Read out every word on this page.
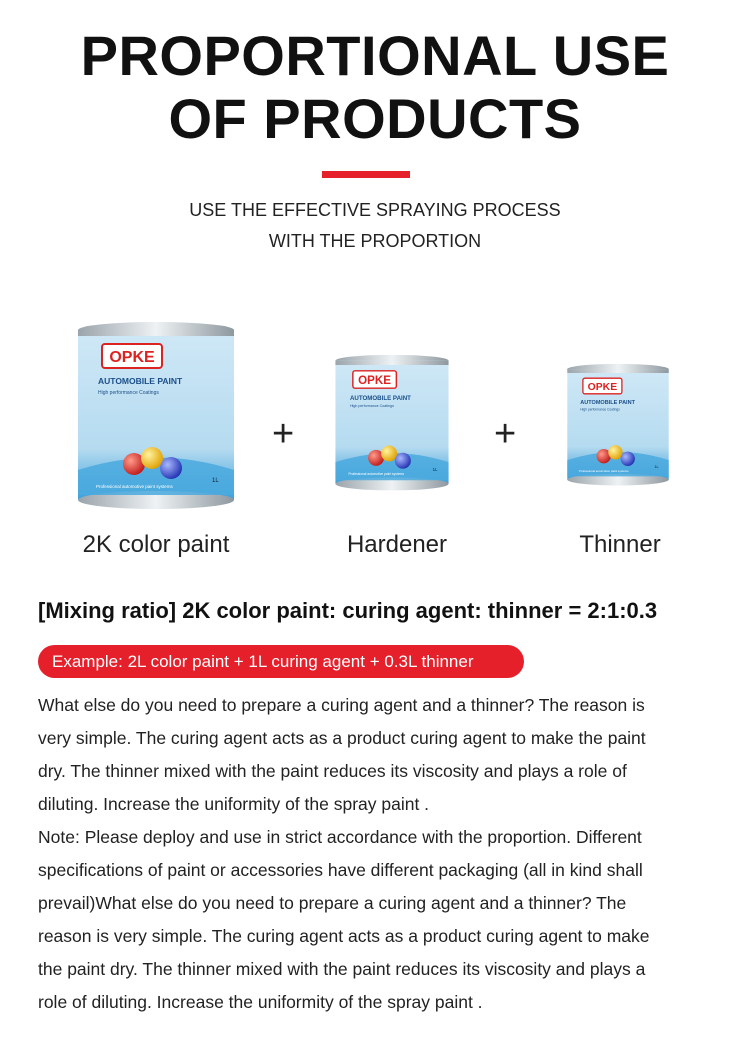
PROPORTIONAL USE
OF PRODUCTS
USE THE EFFECTIVE SPRAYING PROCESS
WITH THE PROPORTION
OPKE
AUTOMOBILE PAINT
High performance Coatings
Professional automotive paint systems
1L
+
OPKE
AUTOMOBILE PAINT
High performance Coatings
Professional automotive paint systems
1L
+
OPKE
AUTOMOBILE PAINT
High performance Coatings
Professional automotive paint systems
1L
2K color paint	Hardener	Thinner
[Mixing ratio] 2K color paint: curing agent: thinner = 2:1:0.3
Example: 2L color paint + 1L curing agent + 0.3L thinner

What else do you need to prepare a curing agent and a thinner? The reason is

very simple. The curing agent acts as a product curing agent to make the paint

dry. The thinner mixed with the paint reduces its viscosity and plays a role of

diluting. Increase the uniformity of the spray paint .

Note: Please deploy and use in strict accordance with the proportion. Different

specifications of paint or accessories have different packaging (all in kind shall

prevail)What else do you need to prepare a curing agent and a thinner? The

reason is very simple. The curing agent acts as a product curing agent to make

the paint dry. The thinner mixed with the paint reduces its viscosity and plays a

role of diluting. Increase the uniformity of the spray paint .
